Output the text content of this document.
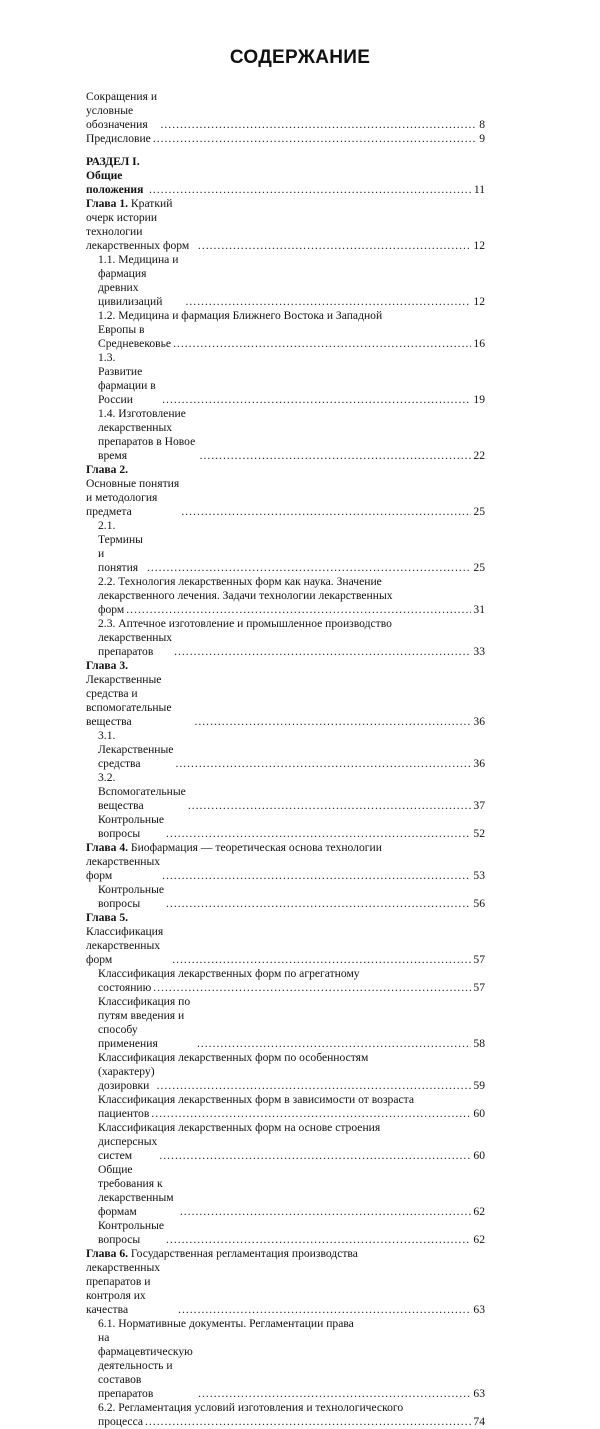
СОДЕРЖАНИЕ
Сокращения и условные обозначения .....	8
Предисловие .....	9
РАЗДЕЛ I. Общие положения .....	11
Глава 1. Краткий очерк истории технологии лекарственных форм .....	12
1.1. Медицина и фармация древних цивилизаций .....	12
1.2. Медицина и фармация Ближнего Востока и Западной
Европы в Средневековье .....	16
1.3. Развитие фармации в России .....	19
1.4. Изготовление лекарственных препаратов в Новое время .....	22
Глава 2. Основные понятия и методология предмета .....	25
2.1. Термины и понятия .....	25
2.2. Технология лекарственных форм как наука. Значение
лекарственного лечения. Задачи технологии лекарственных
форм .....	31
2.3. Аптечное изготовление и промышленное производство
лекарственных препаратов .....	33
Глава 3. Лекарственные средства и вспомогательные вещества .....	36
3.1. Лекарственные средства .....	36
3.2. Вспомогательные вещества .....	37
Контрольные вопросы .....	52
Глава 4. Биофармация — теоретическая основа технологии
лекарственных форм .....	53
Контрольные вопросы .....	56
Глава 5. Классификация лекарственных форм .....	57
Классификация лекарственных форм по агрегатному
состоянию .....	57
Классификация по путям введения и способу применения .....	58
Классификация лекарственных форм по особенностям
(характеру) дозировки .....	59
Классификация лекарственных форм в зависимости от возраста
пациентов .....	60
Классификация лекарственных форм на основе строения
дисперсных систем .....	60
Общие требования к лекарственным формам .....	62
Контрольные вопросы .....	62
Глава 6. Государственная регламентация производства
лекарственных препаратов и контроля их качества .....	63
6.1. Нормативные документы. Регламентации права
на фармацевтическую деятельность и составов препаратов .....	63
6.2. Регламентация условий изготовления и технологического
процесса .....	74
